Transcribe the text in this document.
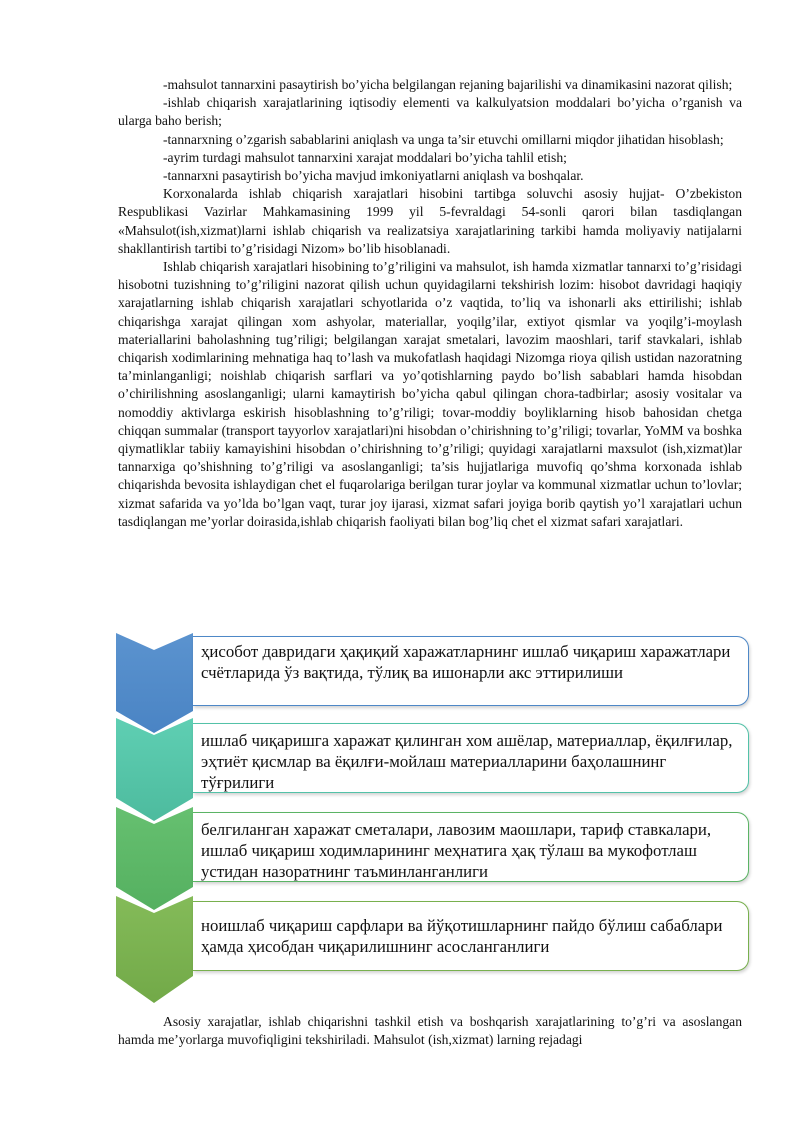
-mahsulot tannarxini pasaytirish bo’yicha belgilangan rejaning bajarilishi va dinamikasini nazorat qilish;

-ishlab chiqarish xarajatlarining iqtisodiy elementi va kalkulyatsion moddalari bo’yicha o’rganish va ularga baho berish;

-tannarxning o’zgarish sabablarini aniqlash va unga ta’sir etuvchi omillarni miqdor jihatidan hisoblash;

-ayrim turdagi mahsulot tannarxini xarajat moddalari bo’yicha tahlil etish;

-tannarxni pasaytirish bo’yicha mavjud imkoniyatlarni aniqlash va boshqalar.

Korxonalarda ishlab chiqarish xarajatlari hisobini tartibga soluvchi asosiy hujjat- O’zbekiston Respublikasi Vazirlar Mahkamasining 1999 yil 5-fevraldagi 54-sonli qarori bilan tasdiqlangan «Mahsulot(ish,xizmat)larni ishlab chiqarish va realizatsiya xarajatlarining tarkibi hamda moliyaviy natijalarni shakllantirish tartibi to’g’risidagi Nizom» bo’lib hisoblanadi.

Ishlab chiqarish xarajatlari hisobining to’g’riligini va mahsulot, ish hamda xizmatlar tannarxi to’g’risidagi hisobotni tuzishning to’g’riligini nazorat qilish uchun quyidagilarni tekshirish lozim: hisobot davridagi haqiqiy xarajatlarning ishlab chiqarish xarajatlari schyotlarida o’z vaqtida, to’liq va ishonarli aks ettirilishi; ishlab chiqarishga xarajat qilingan xom ashyolar, materiallar, yoqilg’ilar, extiyot qismlar va yoqilg’i-moylash materiallarini baholashning tug’riligi; belgilangan xarajat smetalari, lavozim maoshlari, tarif stavkalari, ishlab chiqarish xodimlarining mehnatiga haq to’lash va mukofatlash haqidagi Nizomga rioya qilish ustidan nazoratning ta’minlanganligi; noishlab chiqarish sarflari va yo’qotishlarning paydo bo’lish sabablari hamda hisobdan o’chirilishning asoslanganligi; ularni kamaytirish bo’yicha qabul qilingan chora-tadbirlar; asosiy vositalar va nomoddiy aktivlarga eskirish hisoblashning to’g’riligi; tovar-moddiy boyliklarning hisob bahosidan chetga chiqqan summalar (transport tayyorlov xarajatlari)ni hisobdan o’chirishning to’g’riligi; tovarlar, YoMM va boshka qiymatliklar tabiiy kamayishini hisobdan o’chirishning to’g’riligi; quyidagi xarajatlarni maxsulot (ish,xizmat)lar tannarxiga qo’shishning to’g’riligi va asoslanganligi; ta’sis hujjatlariga muvofiq qo’shma korxonada ishlab chiqarishda bevosita ishlaydigan chet el fuqarolariga berilgan turar joylar va kommunal xizmatlar uchun to’lovlar; xizmat safarida va yo’lda bo’lgan vaqt, turar joy ijarasi, xizmat safari joyiga borib qaytish yo’l xarajatlari uchun tasdiqlangan me’yorlar doirasida,ishlab chiqarish faoliyati bilan bog’liq chet el xizmat safari xarajatlari.

ҳисобот давридаги ҳақиқий харажатларнинг ишлаб чиқариш харажатлари счётларида ўз вақтида, тўлиқ ва ишонарли акс эттирилиши
ишлаб чиқаришга харажат қилинган хом ашёлар, материаллар, ёқилғилар, эҳтиёт қисмлар ва ёқилғи-мойлаш материалларини баҳолашнинг тўғрилиги
белгиланган харажат сметалари, лавозим маошлари, тариф ставкалари, ишлаб чиқариш ходимларининг меҳнатига ҳақ тўлаш ва мукофотлаш устидан назоратнинг таъминланганлиги
ноишлаб чиқариш сарфлари ва йўқотишларнинг пайдо бўлиш сабаблари ҳамда ҳисобдан чиқарилишнинг асосланганлиги

Asosiy xarajatlar, ishlab chiqarishni tashkil etish va boshqarish xarajatlarining to’g’ri va asoslangan hamda me’yorlarga muvofiqligini tekshiriladi. Mahsulot (ish,xizmat) larning rejadagi
